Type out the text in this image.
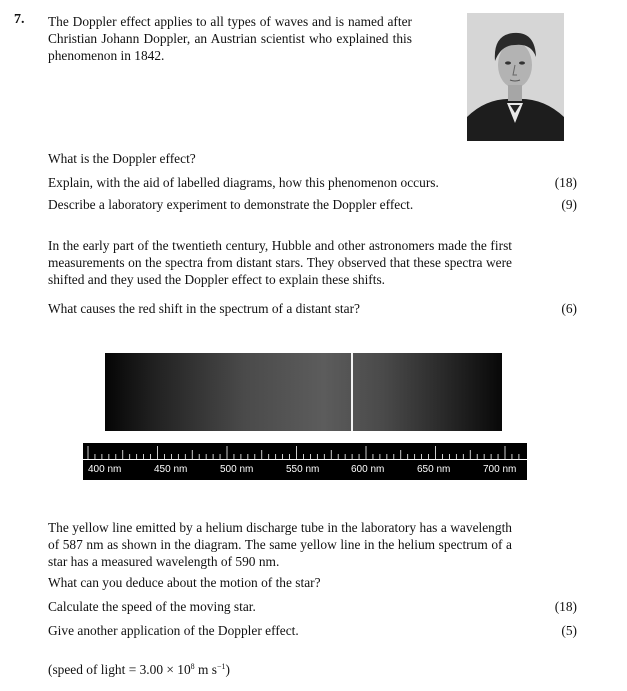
7. The Doppler effect applies to all types of waves and is named after Christian Johann Doppler, an Austrian scientist who explained this phenomenon in 1842.
What is the Doppler effect?
Explain, with the aid of labelled diagrams, how this phenomenon occurs.	(18)
Describe a laboratory experiment to demonstrate the Doppler effect.	(9)
In the early part of the twentieth century, Hubble and other astronomers made the first measurements on the spectra from distant stars. They observed that these spectra were shifted and they used the Doppler effect to explain these shifts.
What causes the red shift in the spectrum of a distant star?	(6)
400 nm	450 nm	500 nm	550 nm	600 nm	650 nm	700 nm
The yellow line emitted by a helium discharge tube in the laboratory has a wavelength of 587 nm as shown in the diagram. The same yellow line in the helium spectrum of a star has a measured wavelength of 590 nm.
What can you deduce about the motion of the star?
Calculate the speed of the moving star.	(18)
Give another application of the Doppler effect.	(5)
(speed of light = $3.00 \times 10^8$ m $s^{-1}$)
